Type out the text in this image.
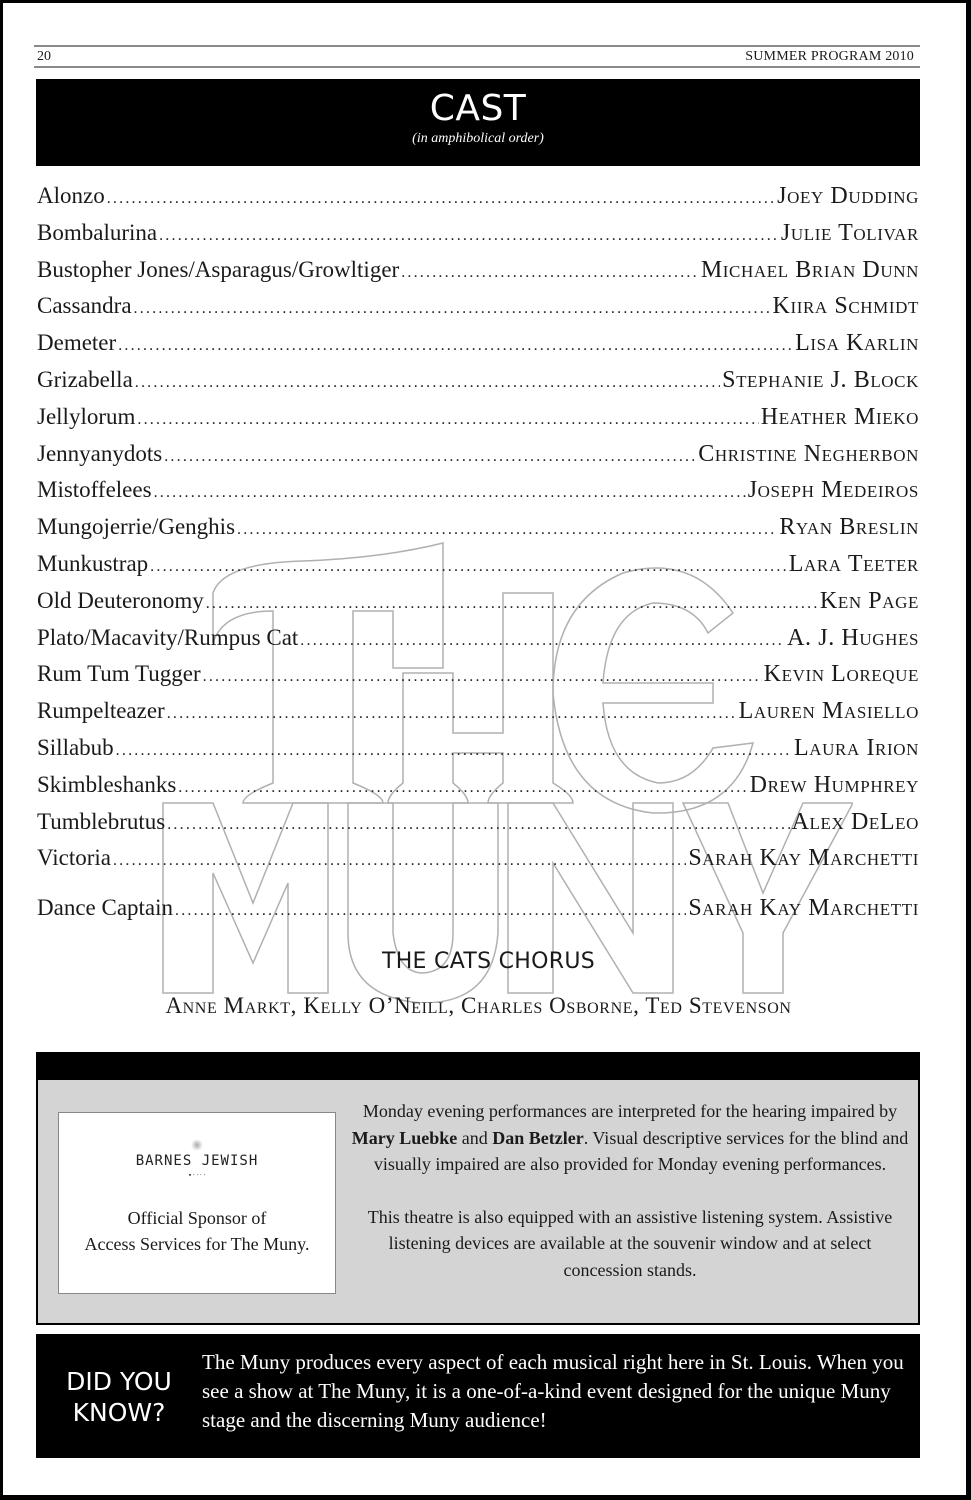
20	SUMMER PROGRAM 2010
CAST
(in amphibolical order)
Alonzo .....	Joey Dudding
Bombalurina .....	Julie Tolivar
Bustopher Jones/Asparagus/Growltiger .....	Michael Brian Dunn
Cassandra .....	Kiira Schmidt
Demeter .....	Lisa Karlin
Grizabella .....	Stephanie J. Block
Jellylorum .....	Heather Mieko
Jennyanydots .....	Christine Negherbon
Mistoffelees .....	Joseph Medeiros
Mungojerrie/Genghis .....	Ryan Breslin
Munkustrap .....	Lara Teeter
Old Deuteronomy .....	Ken Page
Plato/Macavity/Rumpus Cat .....	A. J. Hughes
Rum Tum Tugger .....	Kevin Loreque
Rumpelteazer .....	Lauren Masiello
Sillabub .....	Laura Irion
Skimbleshanks .....	Drew Humphrey
Tumblebrutus .....	Alex DeLeo
Victoria .....	Sarah Kay Marchetti
Dance Captain .....	Sarah Kay Marchetti
THE CATS CHORUS
Anne Markt, Kelly O’Neill, Charles Osborne, Ted Stevenson
BARNES JEWISH
▪ ∙ ∙ ∙ ∙
Official Sponsor of
Access Services for The Muny.
Monday evening performances are interpreted for the hearing impaired by Mary Luebke and Dan Betzler. Visual descriptive services for the blind and visually impaired are also provided for Monday evening performances.
This theatre is also equipped with an assistive listening system. Assistive listening devices are available at the souvenir window and at select concession stands.
DID YOU
KNOW?
The Muny produces every aspect of each musical right here in St. Louis. When you see a show at The Muny, it is a one-of-a-kind event designed for the unique Muny stage and the discerning Muny audience!
